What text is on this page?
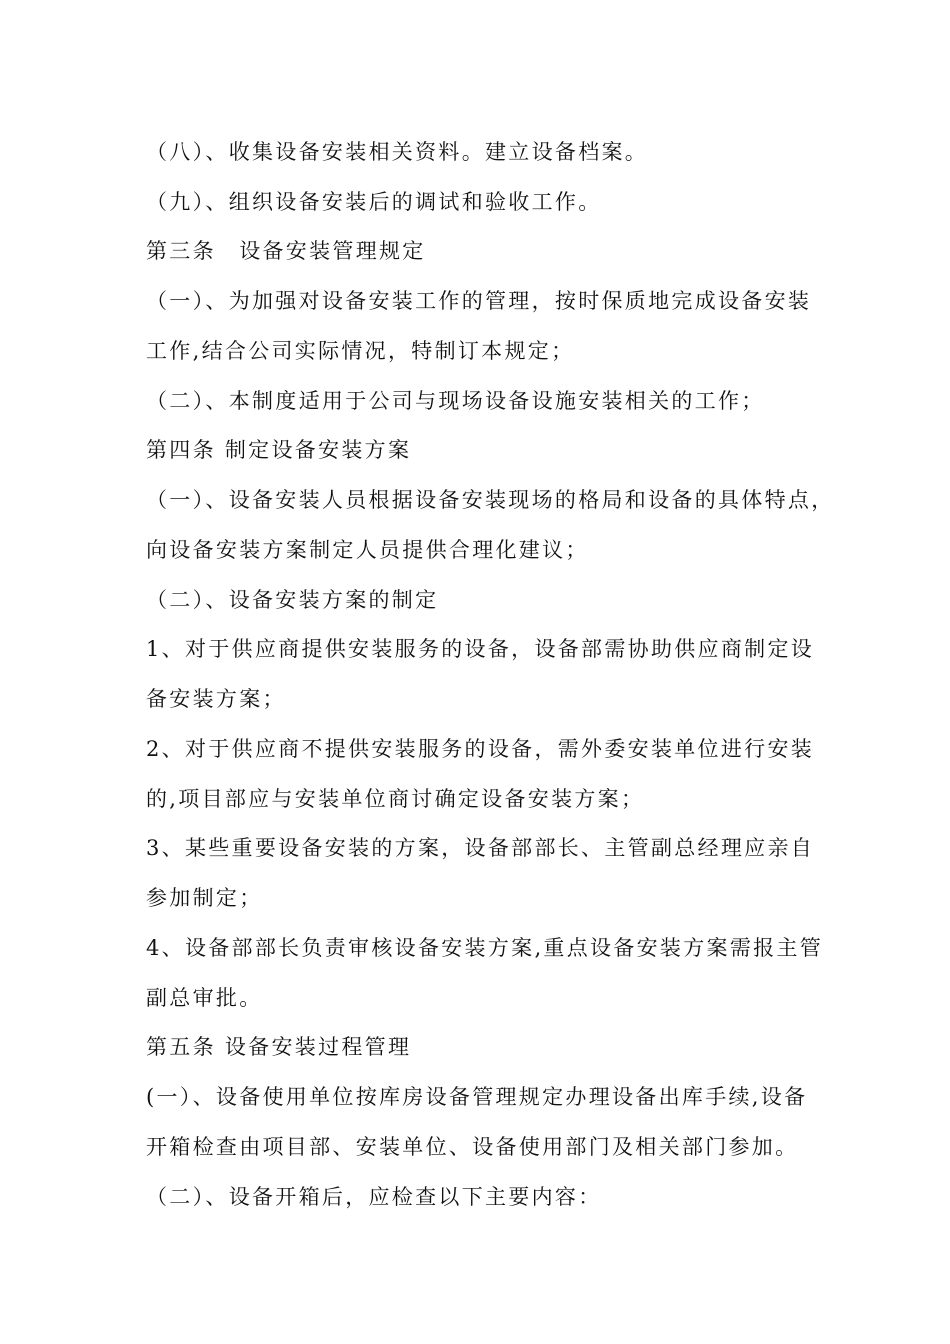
（八）、收集设备安装相关资料。建立设备档案。
（九）、组织设备安装后的调试和验收工作。
第三条　设备安装管理规定
（一）、为加强对设备安装工作的管理，按时保质地完成设备安装
工作,结合公司实际情况，特制订本规定；
（二）、本制度适用于公司与现场设备设施安装相关的工作；
第四条 制定设备安装方案
（一）、设备安装人员根据设备安装现场的格局和设备的具体特点，
向设备安装方案制定人员提供合理化建议；
（二）、设备安装方案的制定
1、对于供应商提供安装服务的设备，设备部需协助供应商制定设
备安装方案；
2、对于供应商不提供安装服务的设备，需外委安装单位进行安装
的,项目部应与安装单位商讨确定设备安装方案；
3、某些重要设备安装的方案，设备部部长、主管副总经理应亲自
参加制定；
4、设备部部长负责审核设备安装方案,重点设备安装方案需报主管
副总审批。
第五条 设备安装过程管理
(一）、设备使用单位按库房设备管理规定办理设备出库手续,设备
开箱检查由项目部、安装单位、设备使用部门及相关部门参加。
（二）、设备开箱后，应检查以下主要内容：
